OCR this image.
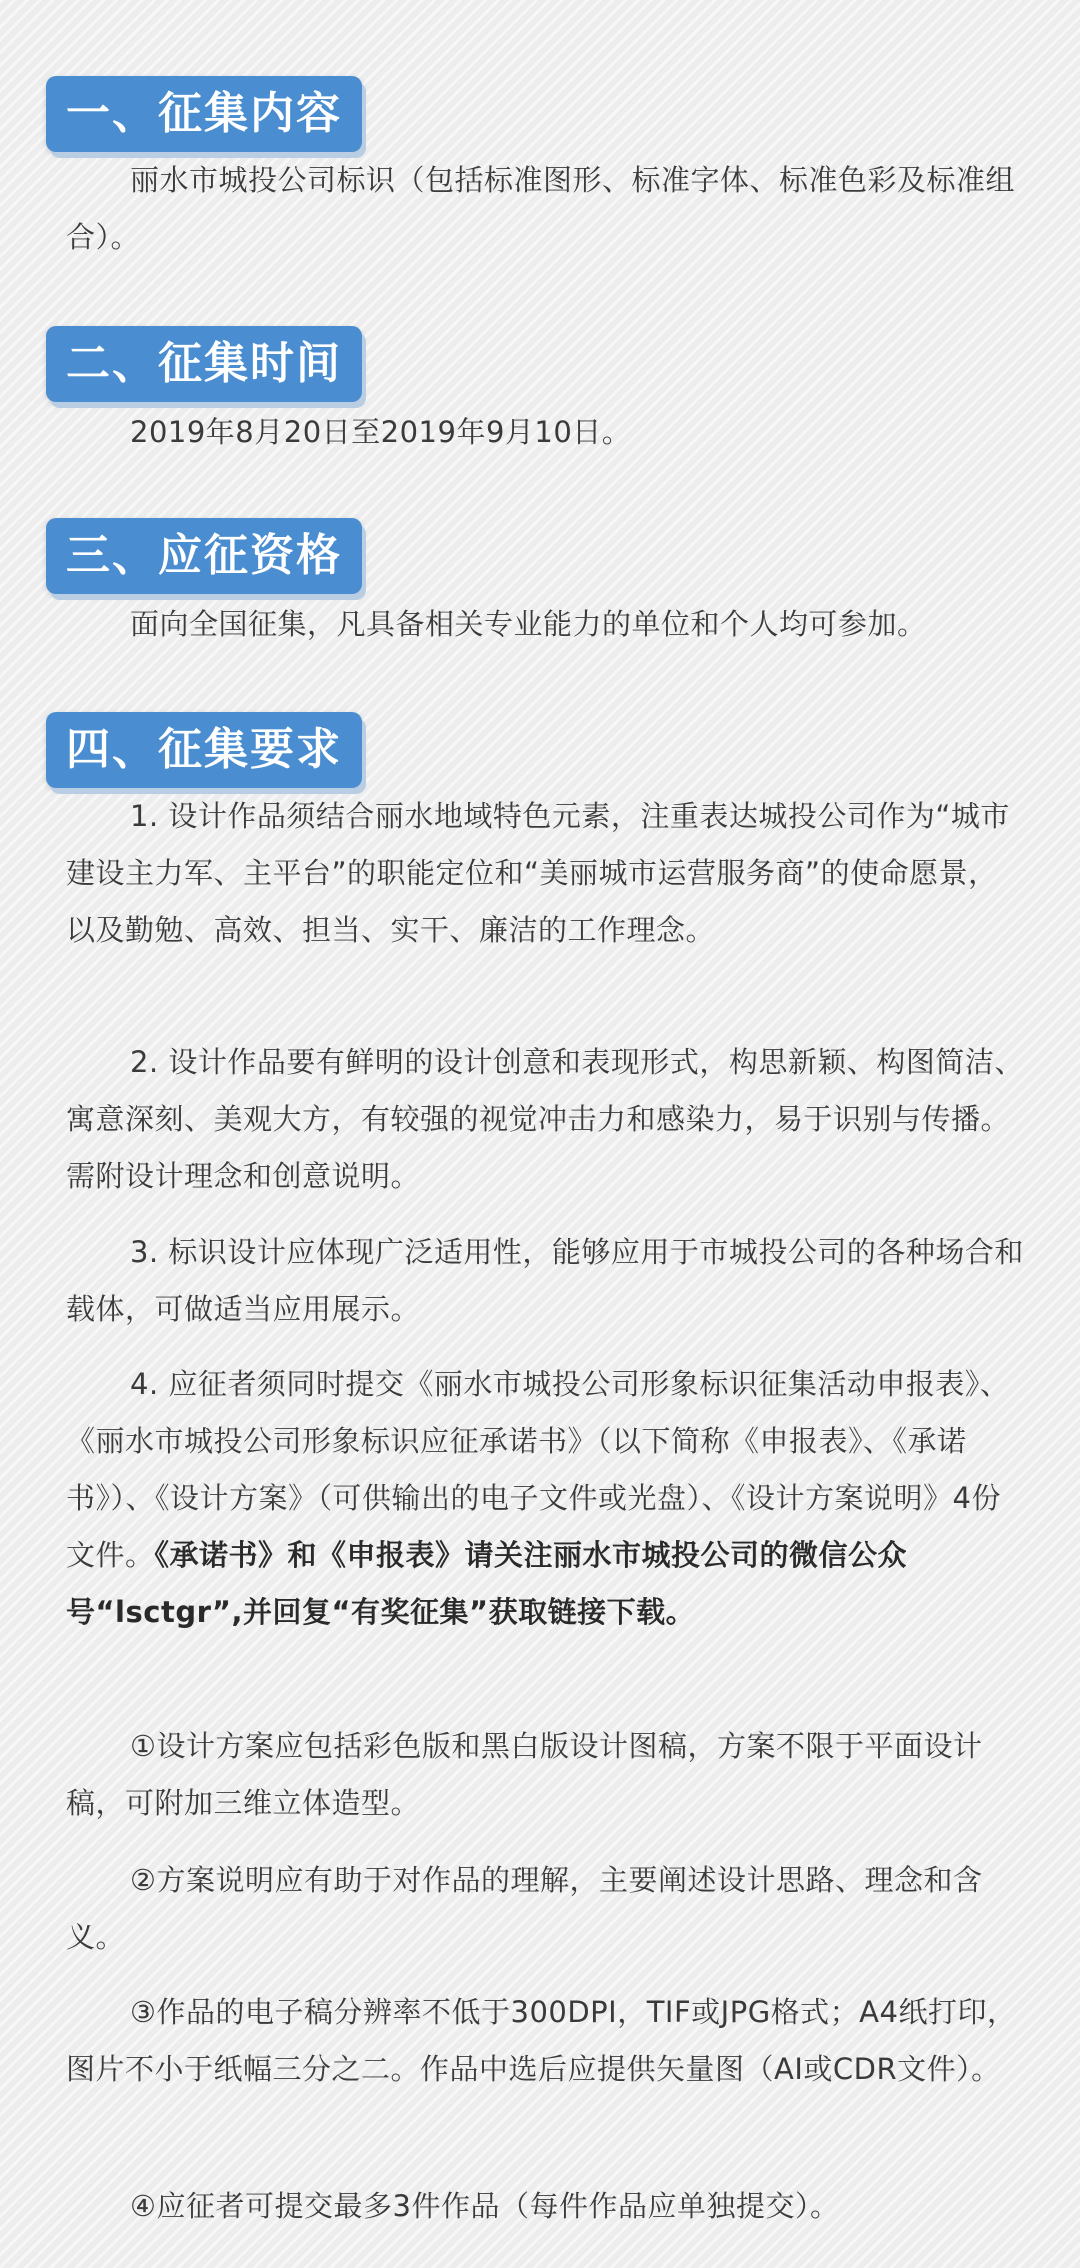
一、征集内容

丽水市城投公司标识（包括标准图形、标准字体、标准色彩及标准组合）。

二、征集时间

2019年8月20日至2019年9月10日。

三、应征资格

面向全国征集，凡具备相关专业能力的单位和个人均可参加。

四、征集要求

1. 设计作品须结合丽水地域特色元素，注重表达城投公司作为“城市建设主力军、主平台”的职能定位和“美丽城市运营服务商”的使命愿景，以及勤勉、高效、担当、实干、廉洁的工作理念。

2. 设计作品要有鲜明的设计创意和表现形式，构思新颖、构图简洁、寓意深刻、美观大方，有较强的视觉冲击力和感染力，易于识别与传播。需附设计理念和创意说明。

3. 标识设计应体现广泛适用性，能够应用于市城投公司的各种场合和载体，可做适当应用展示。

4. 应征者须同时提交《丽水市城投公司形象标识征集活动申报表》、《丽水市城投公司形象标识应征承诺书》（以下简称《申报表》、《承诺书》）、《设计方案》（可供输出的电子文件或光盘）、《设计方案说明》4份文件。《承诺书》和《申报表》请关注丽水市城投公司的微信公众号“lsctgr”,并回复“有奖征集”获取链接下载。

①设计方案应包括彩色版和黑白版设计图稿，方案不限于平面设计稿，可附加三维立体造型。

②方案说明应有助于对作品的理解，主要阐述设计思路、理念和含义。

③作品的电子稿分辨率不低于300DPI，TIF或JPG格式；A4纸打印，图片不小于纸幅三分之二。作品中选后应提供矢量图（AI或CDR文件）。

④应征者可提交最多3件作品（每件作品应单独提交）。
